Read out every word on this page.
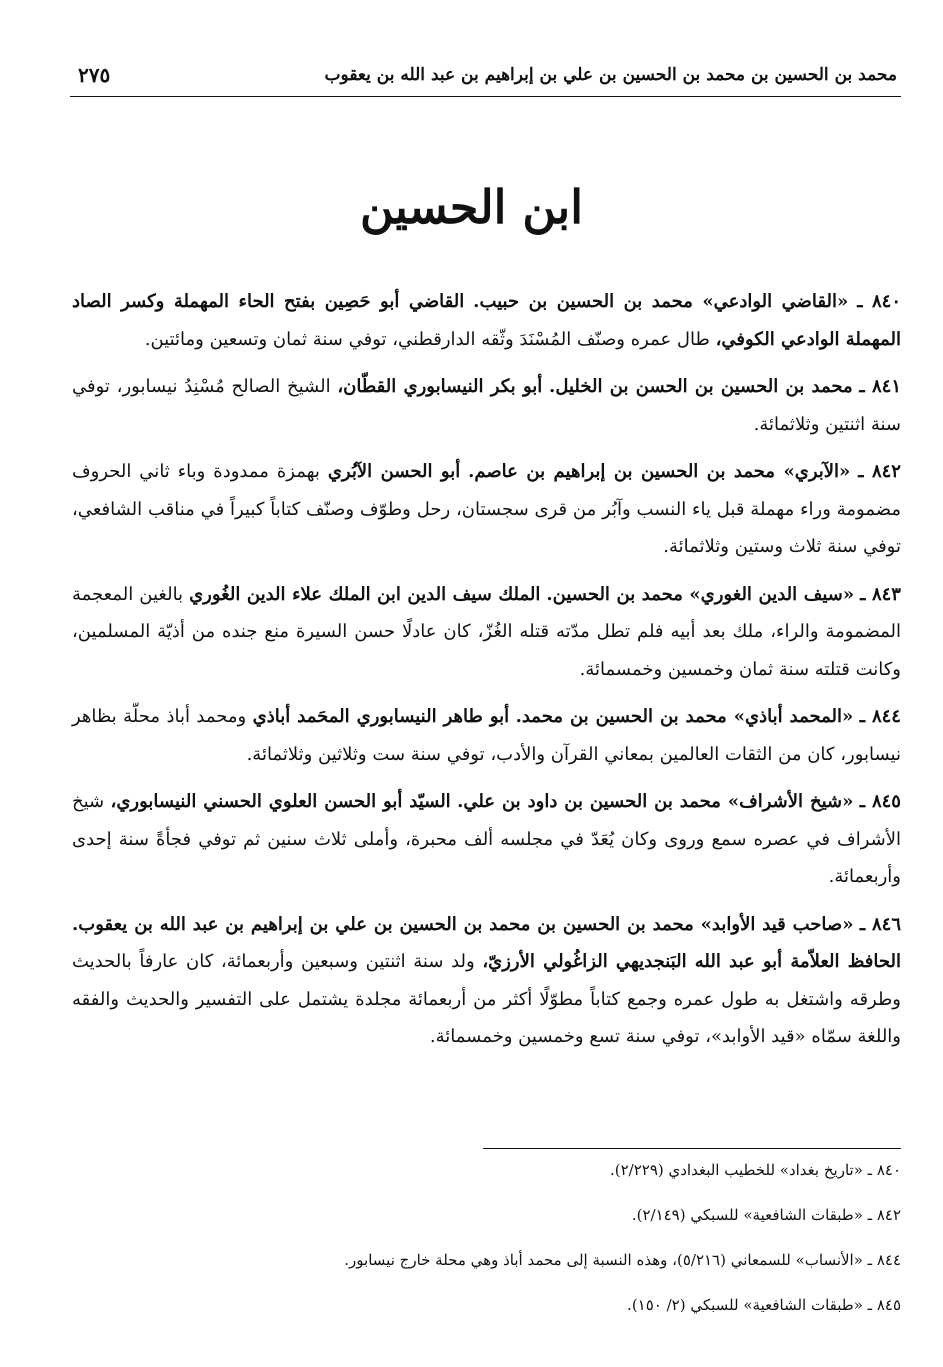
محمد بن الحسين بن محمد بن الحسين بن علي بن إبراهيم بن عبد الله بن يعقوب
٢٧٥
ابن الحسين

٨٤٠ ـ «القاضي الوادعي» محمد بن الحسين بن حبيب. القاضي أبو حَصِين بفتح الحاء المهملة وكسر الصاد المهملة الوادعي الكوفي، طال عمره وصنّف المُسْنَدَ وثّقه الدارقطني، توفي سنة ثمان وتسعين ومائتين.

٨٤١ ـ محمد بن الحسين بن الحسن بن الخليل. أبو بكر النيسابوري القطّان، الشيخ الصالح مُسْنِدُ نيسابور، توفي سنة اثنتين وثلاثمائة.

٨٤٢ ـ «الآبري» محمد بن الحسين بن إبراهيم بن عاصم. أبو الحسن الآبُري بهمزة ممدودة وباء ثاني الحروف مضمومة وراء مهملة قبل ياء النسب وآبُر من قرى سجستان، رحل وطوّف وصنّف كتاباً كبيراً في مناقب الشافعي، توفي سنة ثلاث وستين وثلاثمائة.

٨٤٣ ـ «سيف الدين الغوري» محمد بن الحسين. الملك سيف الدين ابن الملك علاء الدين الغُوري بالغين المعجمة المضمومة والراء، ملك بعد أبيه فلم تطل مدّته قتله الغُزّ، كان عادلًا حسن السيرة منع جنده من أذيّة المسلمين، وكانت قتلته سنة ثمان وخمسين وخمسمائة.

٨٤٤ ـ «المحمد أباذي» محمد بن الحسين بن محمد. أبو طاهر النيسابوري المحَمد أباذي ومحمد أباذ محلّة بظاهر نيسابور، كان من الثقات العالمين بمعاني القرآن والأدب، توفي سنة ست وثلاثين وثلاثمائة.

٨٤٥ ـ «شيخ الأشراف» محمد بن الحسين بن داود بن علي. السيّد أبو الحسن العلوي الحسني النيسابوري، شيخ الأشراف في عصره سمع وروى وكان يُعَدّ في مجلسه ألف محبرة، وأملى ثلاث سنين ثم توفي فجأةً سنة إحدى وأربعمائة.

٨٤٦ ـ «صاحب قيد الأوابد» محمد بن الحسين بن محمد بن الحسين بن علي بن إبراهيم بن عبد الله بن يعقوب. الحافظ العلاّمة أبو عبد الله البَنجديهي الزاغُولي الأرزيّ، ولد سنة اثنتين وسبعين وأربعمائة، كان عارفاً بالحديث وطرقه واشتغل به طول عمره وجمع كتاباً مطوّلًا أكثر من أربعمائة مجلدة يشتمل على التفسير والحديث والفقه واللغة سمّاه «قيد الأوابد»، توفي سنة تسع وخمسين وخمسمائة.

٨٤٠ ـ «تاريخ بغداد» للخطيب البغدادي (٢/٢٢٩).
٨٤٢ ـ «طبقات الشافعية» للسبكي (٢/١٤٩).
٨٤٤ ـ «الأنساب» للسمعاني (٥/٢١٦)، وهذه النسبة إلى محمد أباذ وهي محلة خارج نيسابور.
٨٤٥ ـ «طبقات الشافعية» للسبكي (٢/ ١٥٠).
